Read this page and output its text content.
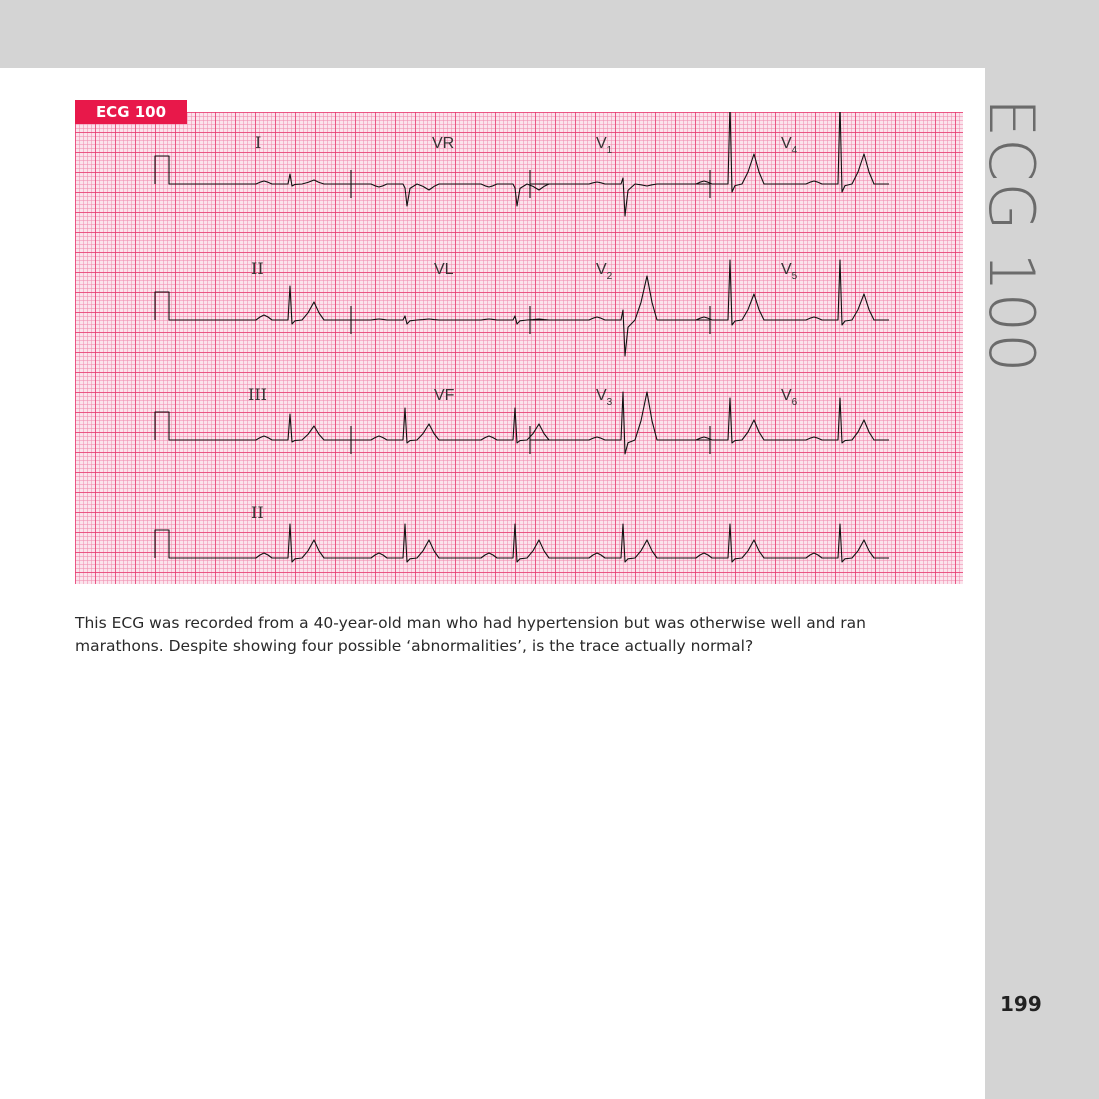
ECG 100
199
I	VR	$V_1$	$V_4$
II	VL	$V_2$	$V_5$
III	VF	$V_3$	$V_6$
II
ECG 100
This ECG was recorded from a 40-year-old man who had hypertension but was otherwise well and ran marathons. Despite showing four possible ‘abnormalities’, is the trace actually normal?
